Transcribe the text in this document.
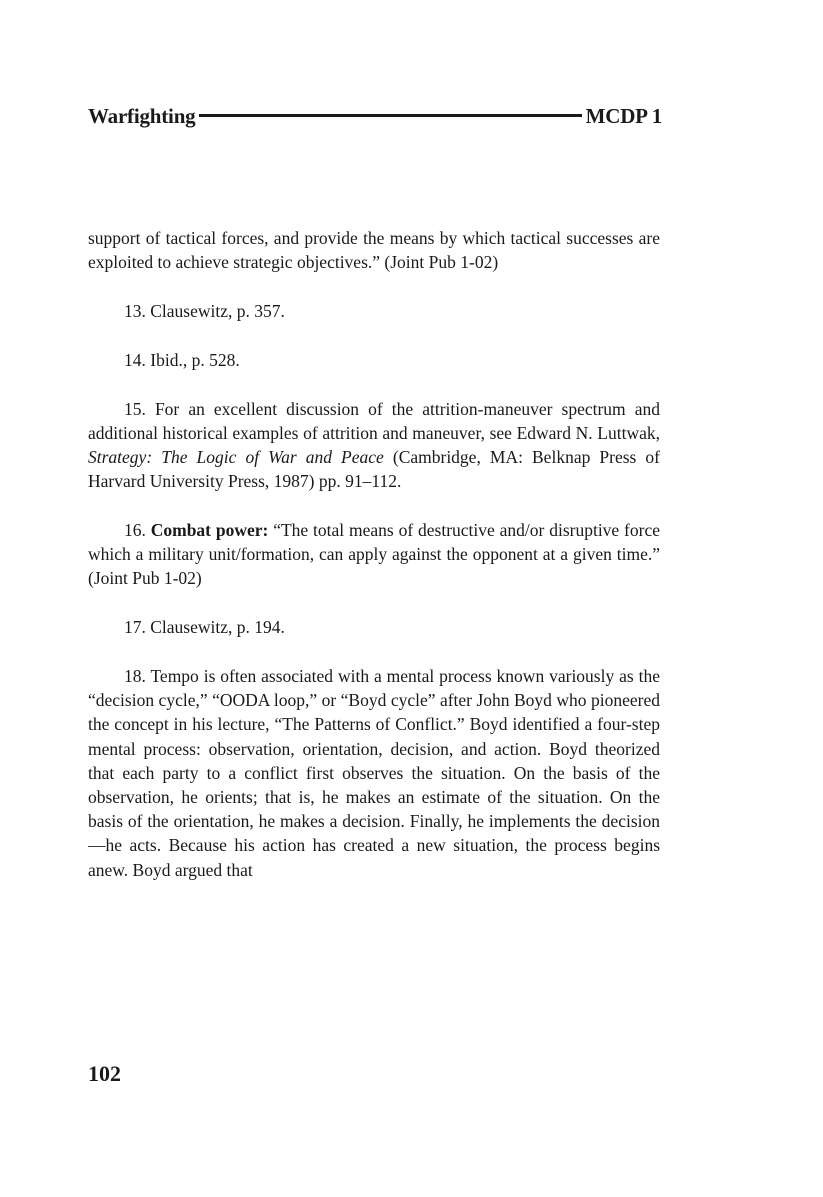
Warfighting	MCDP 1

support of tactical forces, and provide the means by which tactical successes are exploited to achieve strategic objectives.” (Joint Pub 1-02)

13. Clausewitz, p. 357.

14. Ibid., p. 528.

15. For an excellent discussion of the attrition-maneuver spectrum and additional historical examples of attrition and maneuver, see Edward N. Luttwak, Strategy: The Logic of War and Peace (Cambridge, MA: Belknap Press of Harvard University Press, 1987) pp. 91–112.

16. Combat power: “The total means of destructive and/or disruptive force which a military unit/formation, can apply against the opponent at a given time.” (Joint Pub 1-02)

17. Clausewitz, p. 194.

18. Tempo is often associated with a mental process known variously as the “decision cycle,” “OODA loop,” or “Boyd cycle” after John Boyd who pioneered the concept in his lecture, “The Patterns of Conflict.” Boyd identified a four-step mental process: observation, orientation, decision, and action. Boyd theorized that each party to a conflict first observes the situation. On the basis of the observation, he orients; that is, he makes an estimate of the situation. On the basis of the orientation, he makes a decision. Finally, he implements the decision—he acts. Because his action has created a new situation, the process begins anew. Boyd argued that

102
